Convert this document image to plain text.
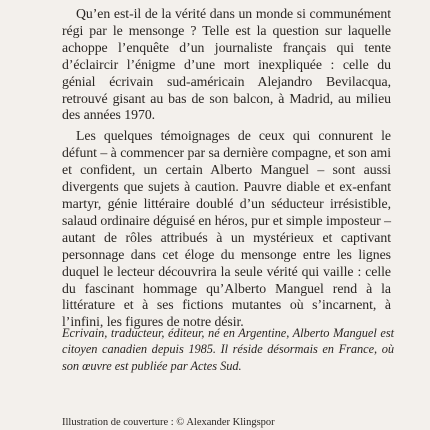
Qu’en est-il de la vérité dans un monde si communément régi par le mensonge ? Telle est la question sur laquelle achoppe l’enquête d’un journaliste français qui tente d’éclaircir l’énigme d’une mort inexpliquée : celle du génial écrivain sud-américain Alejandro Bevilacqua, retrouvé gisant au bas de son balcon, à Madrid, au milieu des années 1970.

Les quelques témoignages de ceux qui connurent le défunt – à commencer par sa dernière compagne, et son ami et confident, un certain Alberto Manguel – sont aussi divergents que sujets à caution. Pauvre diable et ex-enfant martyr, génie littéraire doublé d’un séducteur irrésistible, salaud ordinaire déguisé en héros, pur et simple imposteur – autant de rôles attribués à un mystérieux et captivant personnage dans cet éloge du mensonge entre les lignes duquel le lecteur découvrira la seule vérité qui vaille : celle du fascinant hommage qu’Alberto Manguel rend à la littérature et à ses fictions mutantes où s’incarnent, à l’infini, les figures de notre désir.

Ecrivain, traducteur, éditeur, né en Argentine, Alberto Manguel est citoyen canadien depuis 1985. Il réside désormais en France, où son œuvre est publiée par Actes Sud.

Illustration de couverture : © Alexander Klingspor
